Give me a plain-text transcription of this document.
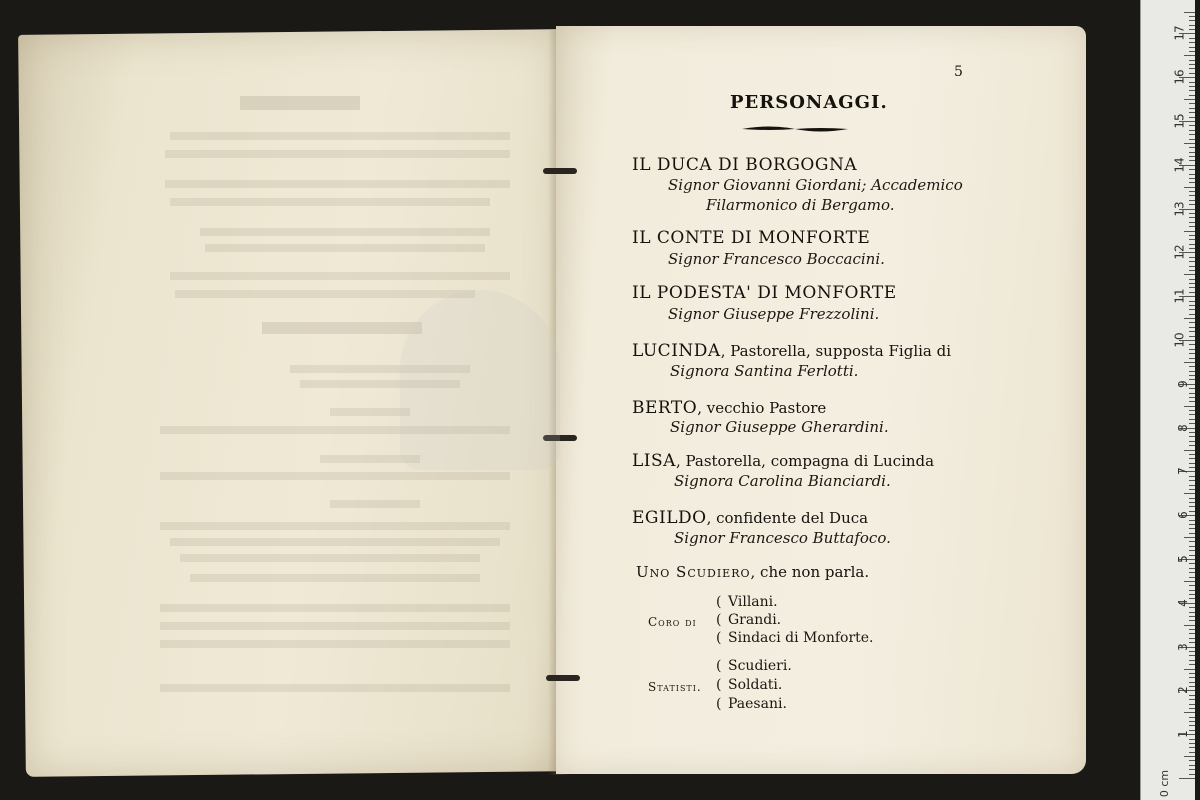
5
PERSONAGGI.
IL DUCA DI BORGOGNA
Signor Giovanni Giordani; Accademico
Filarmonico di Bergamo.
IL CONTE DI MONFORTE
Signor Francesco Boccacini.
IL PODESTA' DI MONFORTE
Signor Giuseppe Frezzolini.
LUCINDA, Pastorella, supposta Figlia di
Signora Santina Ferlotti.
BERTO, vecchio Pastore
Signor Giuseppe Gherardini.
LISA, Pastorella, compagna di Lucinda
Signora Carolina Bianciardi.
EGILDO, confidente del Duca
Signor Francesco Buttafoco.
Uno Scudiero, che non parla.
Coro di
( Villani.
( Grandi.
( Sindaci di Monforte.
Statisti.
( Scudieri.
( Soldati.
( Paesani.
0 cm
1
2
3
4
5
6
7
8
9
10
11
12
13
14
15
16
17
